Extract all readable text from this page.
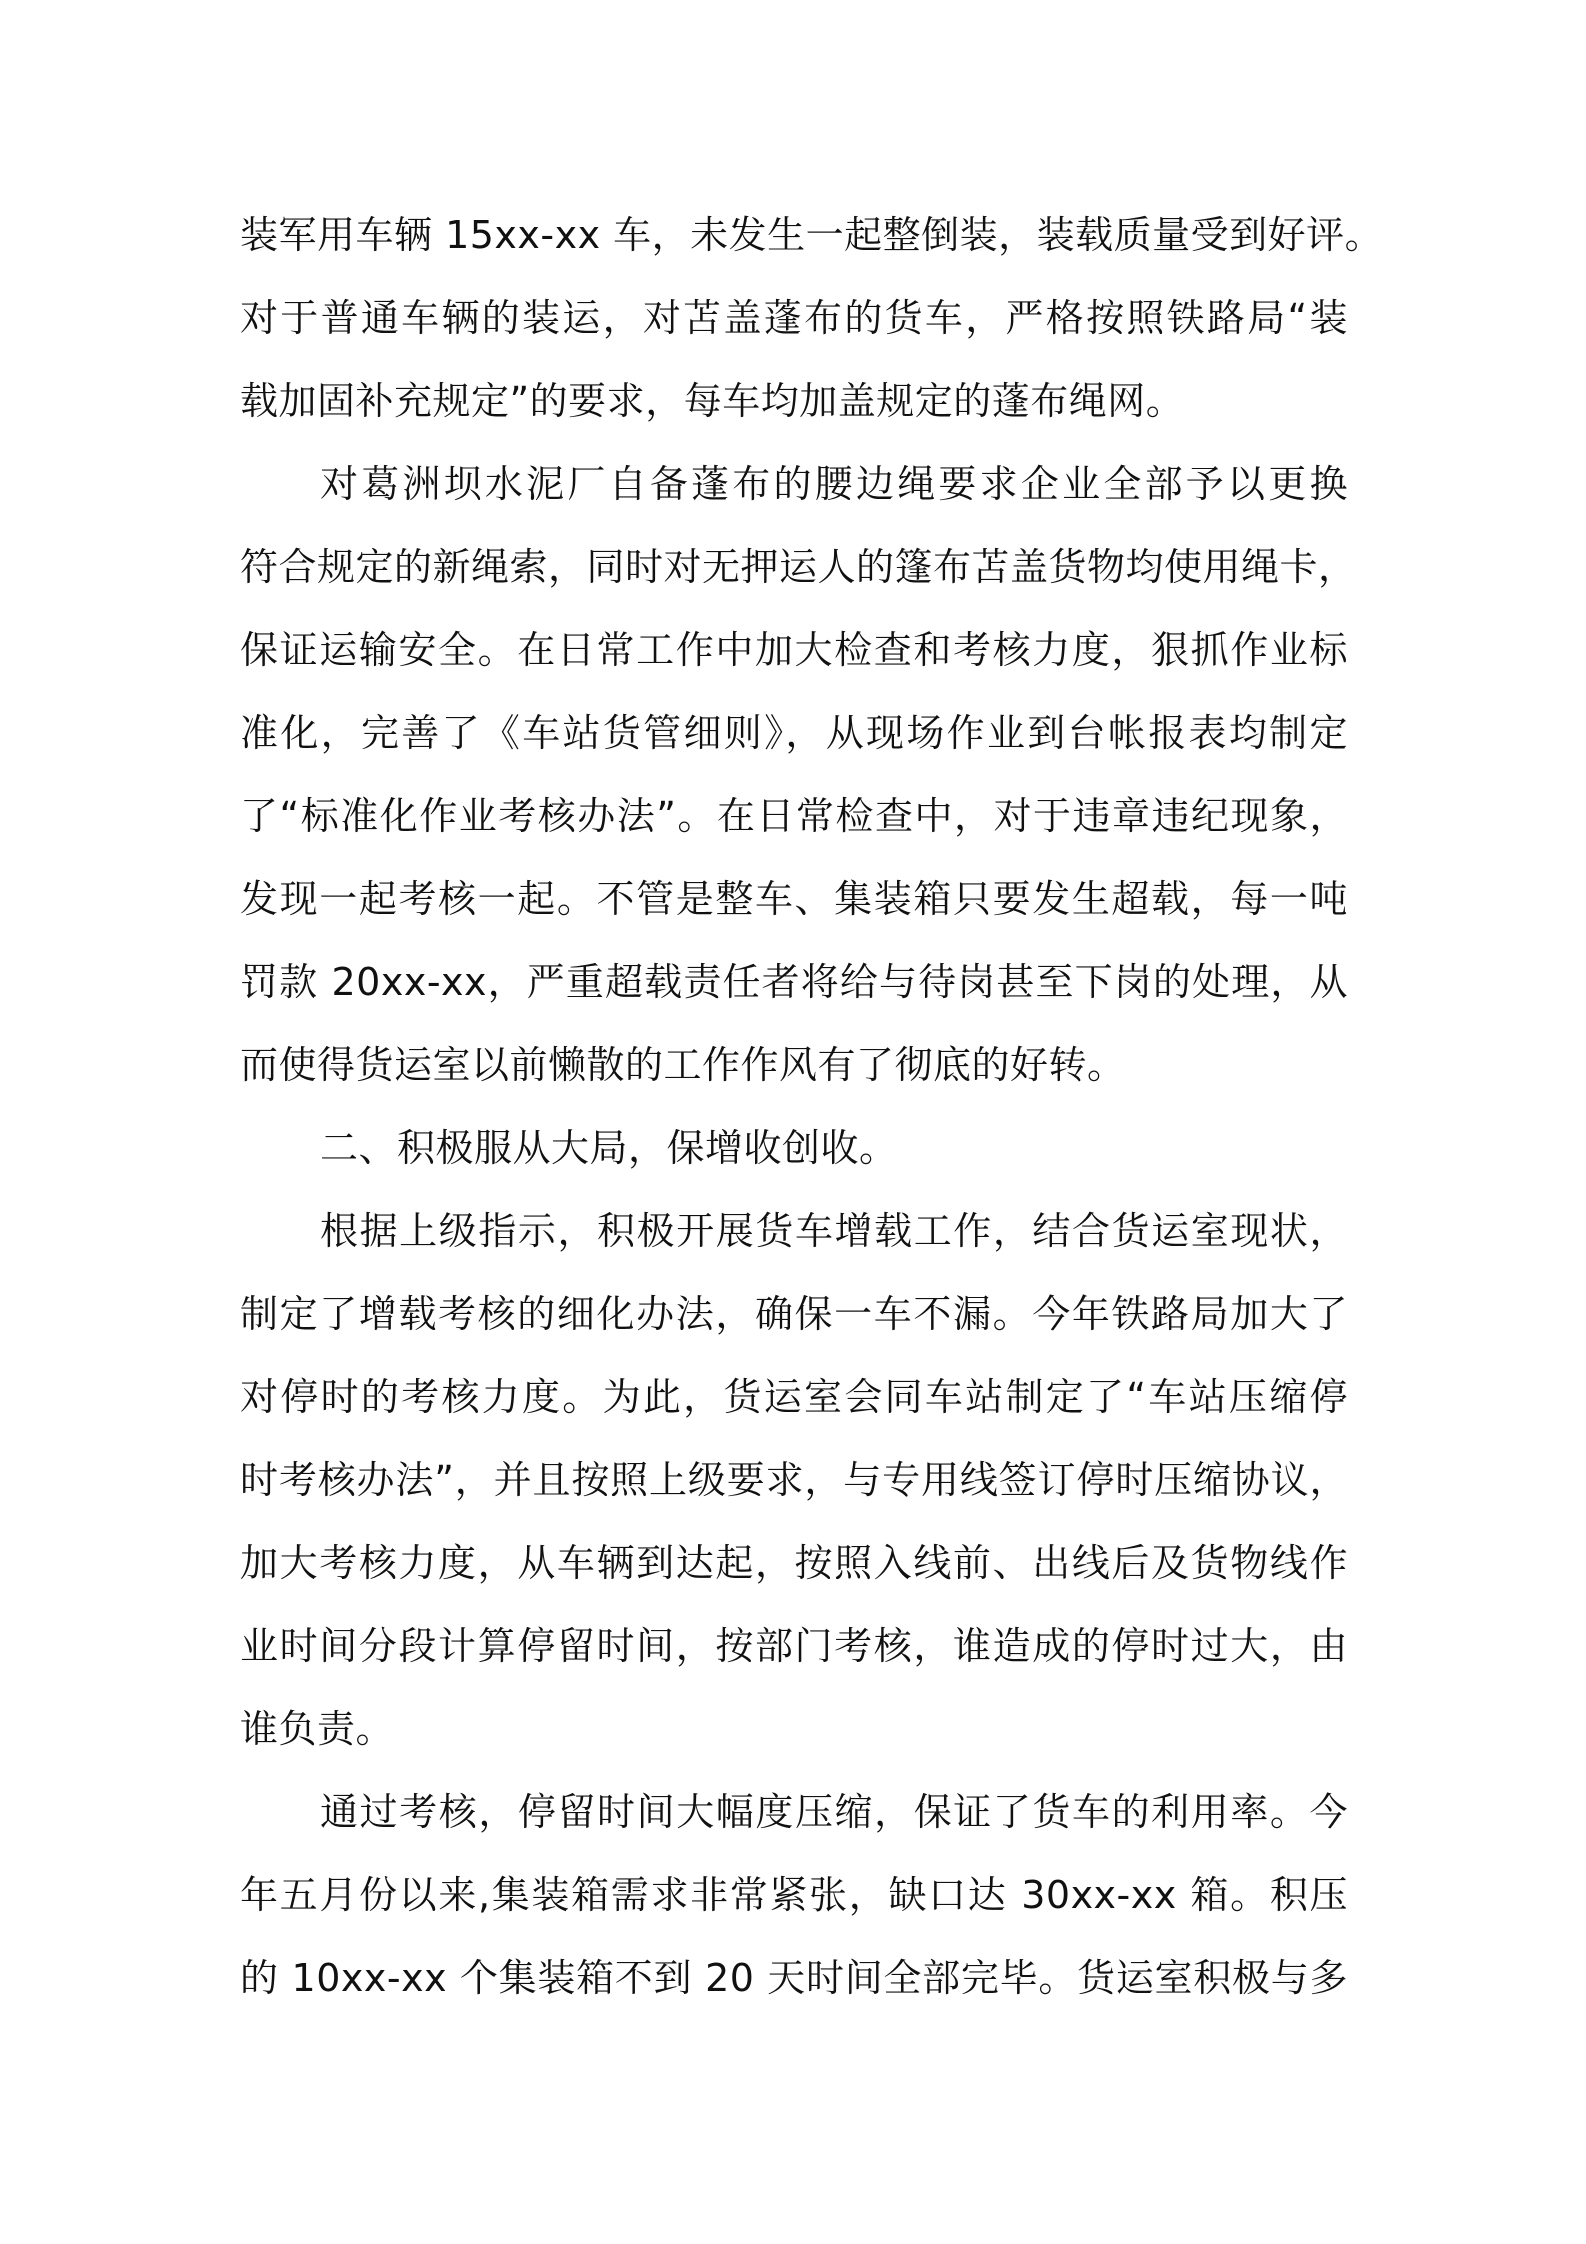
装军用车辆 15xx-xx 车，未发生一起整倒装，装载质量受到好评。
对于普通车辆的装运，对苫盖蓬布的货车，严格按照铁路局“装
载加固补充规定”的要求，每车均加盖规定的蓬布绳网。
对葛洲坝水泥厂自备蓬布的腰边绳要求企业全部予以更换
符合规定的新绳索，同时对无押运人的篷布苫盖货物均使用绳卡，
保证运输安全。在日常工作中加大检查和考核力度，狠抓作业标
准化，完善了《车站货管细则》，从现场作业到台帐报表均制定
了“标准化作业考核办法”。在日常检查中，对于违章违纪现象，
发现一起考核一起。不管是整车、集装箱只要发生超载，每一吨
罚款 20xx-xx，严重超载责任者将给与待岗甚至下岗的处理，从
而使得货运室以前懒散的工作作风有了彻底的好转。
二、积极服从大局，保增收创收。
根据上级指示，积极开展货车增载工作，结合货运室现状，
制定了增载考核的细化办法，确保一车不漏。今年铁路局加大了
对停时的考核力度。为此，货运室会同车站制定了“车站压缩停
时考核办法”，并且按照上级要求，与专用线签订停时压缩协议，
加大考核力度，从车辆到达起，按照入线前、出线后及货物线作
业时间分段计算停留时间，按部门考核，谁造成的停时过大，由
谁负责。
通过考核，停留时间大幅度压缩，保证了货车的利用率。今
年五月份以来,集装箱需求非常紧张，缺口达 30xx-xx 箱。积压
的 10xx-xx 个集装箱不到 20 天时间全部完毕。货运室积极与多
